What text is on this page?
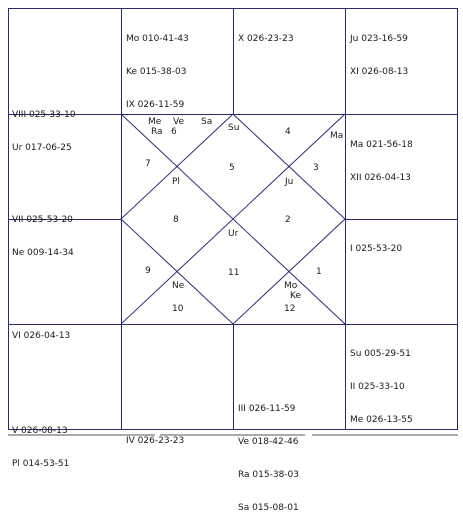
1
2
3
4
5
6
7
8
9
10
11
12
Me Ve Sa
Ra	Su
Ma
Pl	Ju
Ur
Ne	Mo
Ke

Mo 010-41-43

Ke 015-38-03

IX 026-11-59

X 026-23-23

	Ju 023-16-59

XI 026-08-13

VIII 025-33-10

Ur 017-06-25

VII 025-53-20

Ne 009-14-34

VI 026-04-13

Ma 021-56-18

XII 026-04-13

I 025-53-20

Su 005-29-51

II 025-33-10

Me 026-13-55

V 026-08-13

Pl 014-53-51

IV 026-23-23

III 026-11-59

Ve 018-42-46

Ra 015-38-03

Sa 015-08-01
